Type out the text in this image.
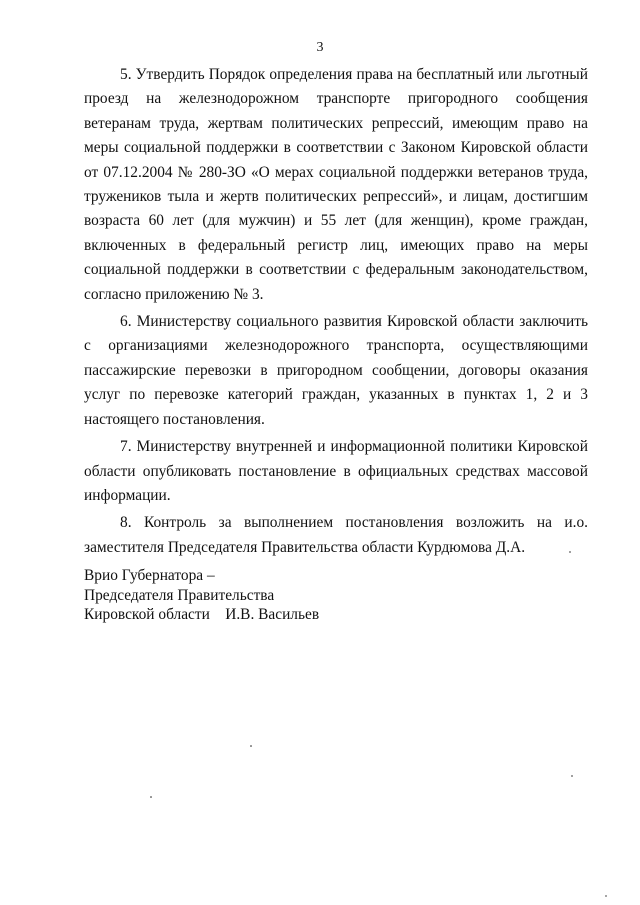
3

5. Утвердить Порядок определения права на бесплатный или льготный проезд на железнодорожном транспорте пригородного сообщения ветеранам труда, жертвам политических репрессий, имеющим право на меры социальной поддержки в соответствии с Законом Кировской области от 07.12.2004 № 280-ЗО «О мерах социальной поддержки ветеранов труда, тружеников тыла и жертв политических репрессий», и лицам, достигшим возраста 60 лет (для мужчин) и 55 лет (для женщин), кроме граждан, включенных в федеральный регистр лиц, имеющих право на меры социальной поддержки в соответствии с федеральным законодательством, согласно приложению № 3.

6. Министерству социального развития Кировской области заключить с организациями железнодорожного транспорта, осуществляющими пассажирские перевозки в пригородном сообщении, договоры оказания услуг по перевозке категорий граждан, указанных в пунктах 1, 2 и 3 настоящего постановления.

7. Министерству внутренней и информационной политики Кировской области опубликовать постановление в официальных средствах массовой информации.

8. Контроль за выполнением постановления возложить на и.о. заместителя Председателя Правительства области Курдюмова Д.А.

Врио Губернатора –
Председателя Правительства
Кировской области    И.В. Васильев
